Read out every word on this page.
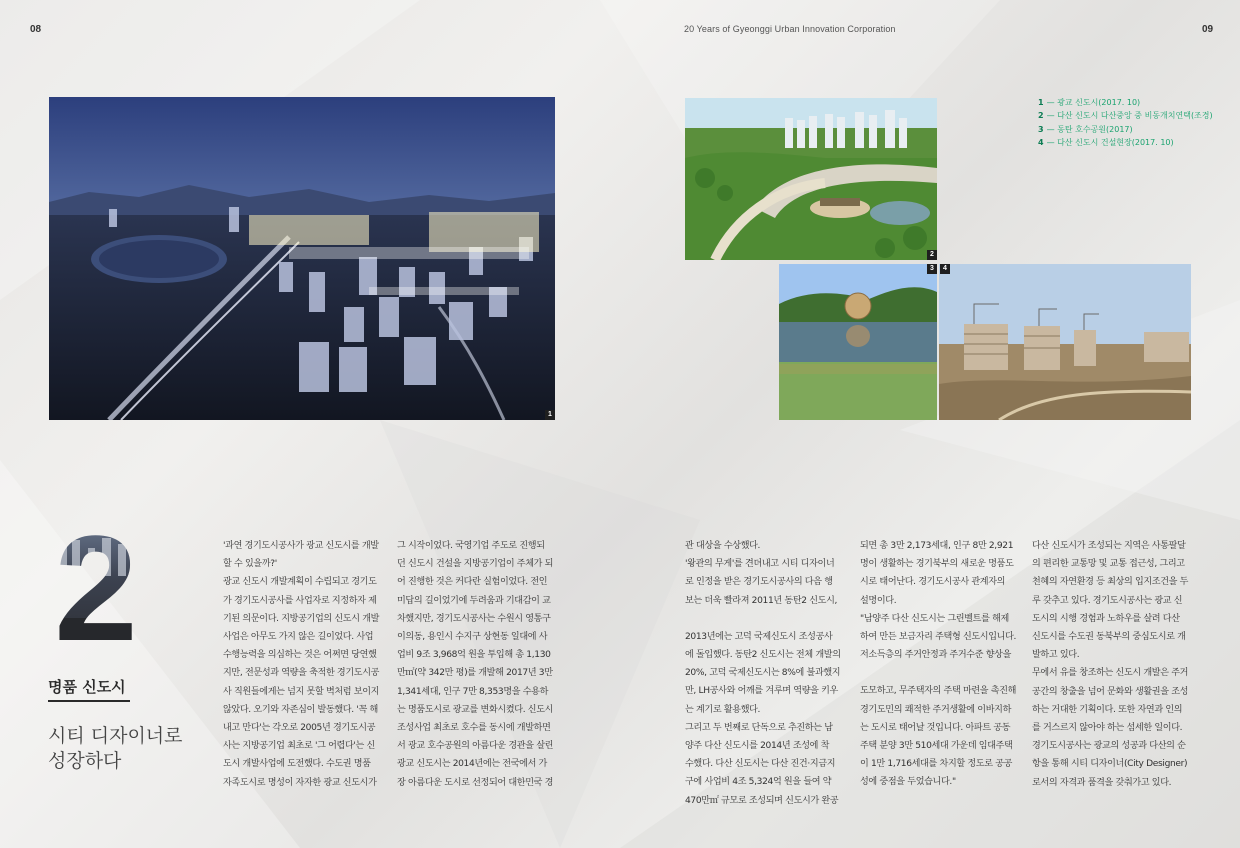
08	20 Years of Gyeonggi Urban Innovation Corporation	09
1
2
3	4
1 — 광교 신도시(2017. 10)
2 — 다산 신도시 다산중앙 중 비동개치연택(조경)
3 — 동탄 호수공원(2017)
4 — 다산 신도시 건설현장(2017. 10)
2
명품 신도시
시티 디자이너로
성장하다

'과연 경기도시공사가 광교 신도시를 개발

할 수 있을까?'

광교 신도시 개발계획이 수립되고 경기도

가 경기도시공사를 사업자로 지정하자 제

기된 의문이다. 지방공기업의 신도시 개발

사업은 아무도 가지 않은 길이었다. 사업

수행능력을 의심하는 것은 어쩌면 당연했

지만, 전문성과 역량을 축적한 경기도시공

사 직원들에게는 넘지 못할 벽처럼 보이지

않았다. 오기와 자존심이 발동했다. '꼭 해

내고 만다'는 각오로 2005년 경기도시공

사는 지방공기업 최초로 '그 어렵다'는 신

도시 개발사업에 도전했다. 수도권 명품

자족도시로 명성이 자자한 광교 신도시가

그 시작이었다. 국영기업 주도로 진행되

던 신도시 건설을 지방공기업이 주체가 되

어 진행한 것은 커다란 실험이었다. 전인

미답의 길이었기에 두려움과 기대감이 교

차했지만, 경기도시공사는 수원시 영통구

이의동, 용인시 수지구 상현동 일대에 사

업비 9조 3,968억 원을 투입해 총 1,130

만㎡(약 342만 평)를 개발해 2017년 3만

1,341세대, 인구 7만 8,353명을 수용하

는 명품도시로 광교를 변화시켰다. 신도시

조성사업 최초로 호수를 동시에 개발하면

서 광교 호수공원의 아름다운 경관을 살린

광교 신도시는 2014년에는 전국에서 가

장 아름다운 도시로 선정되어 대한민국 경

관 대상을 수상했다.

'왕관의 무게'를 견뎌내고 시티 디자이너

로 인정을 받은 경기도시공사의 다음 행

보는 더욱 빨라져 2011년 동탄2 신도시,

2013년에는 고덕 국제신도시 조성공사

에 돌입했다. 동탄2 신도시는 전체 개발의

20%, 고덕 국제신도시는 8%에 불과했지

만, LH공사와 어깨를 겨루며 역량을 키우

는 계기로 활용했다.

그리고 두 번째로 단독으로 추진하는 남

양주 다산 신도시를 2014년 조성에 착

수했다. 다산 신도시는 다산 진건·지금지

구에 사업비 4조 5,324억 원을 들여 약

470만㎡ 규모로 조성되며 신도시가 완공

되면 총 3만 2,173세대, 인구 8만 2,921

명이 생활하는 경기북부의 새로운 명품도

시로 태어난다. 경기도시공사 관계자의

설명이다.

"남양주 다산 신도시는 그린벨트를 해제

하여 만든 보금자리 주택형 신도시입니다.

저소득층의 주거안정과 주거수준 향상을

도모하고, 무주택자의 주택 마련을 촉진해

경기도민의 쾌적한 주거생활에 이바지하

는 도시로 태어날 것입니다. 아파트 공동

주택 분양 3만 510세대 가운데 임대주택

이 1만 1,716세대를 차지할 정도로 공공

성에 중점을 두었습니다."

다산 신도시가 조성되는 지역은 사통팔달

의 편리한 교통망 및 교통 접근성, 그리고

천혜의 자연환경 등 최상의 입지조건을 두

루 갖추고 있다. 경기도시공사는 광교 신

도시의 시행 경험과 노하우를 살려 다산

신도시를 수도권 동북부의 중심도시로 개

발하고 있다.

무에서 유를 창조하는 신도시 개발은 주거

공간의 창출을 넘어 문화와 생활권을 조성

하는 거대한 기획이다. 또한 자연과 인의

를 거스르지 않아야 하는 섬세한 일이다.

경기도시공사는 광교의 성공과 다산의 순

항을 통해 시티 디자이너(City Designer)

로서의 자격과 품격을 갖춰가고 있다.
